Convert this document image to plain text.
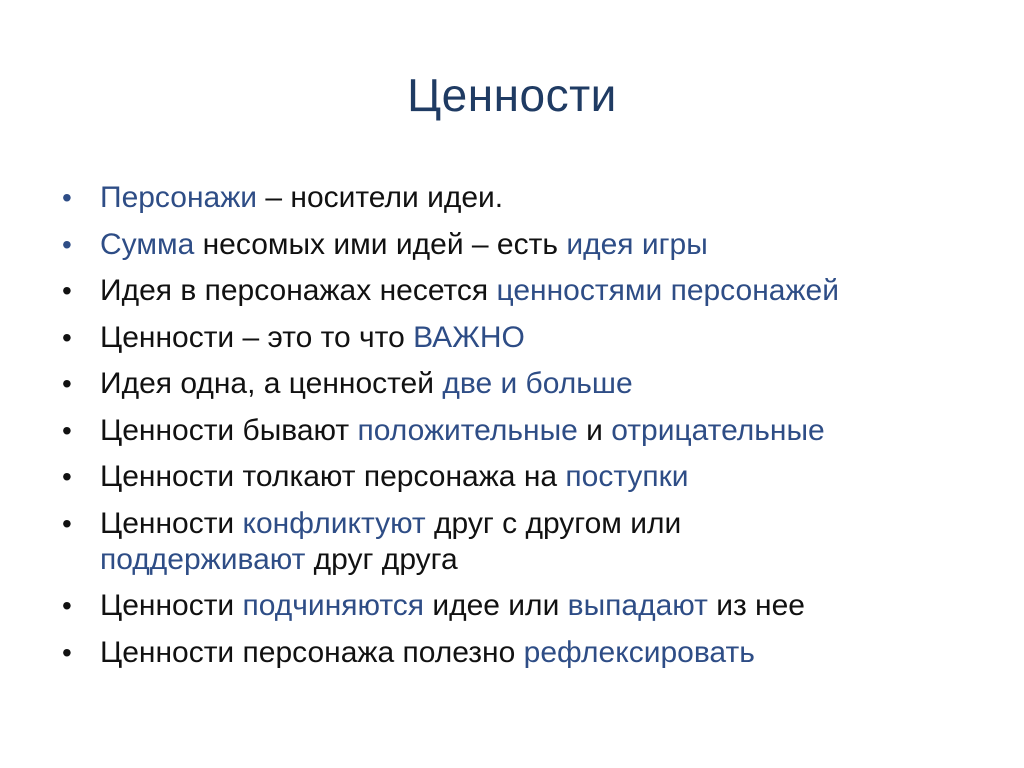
Ценности
• Персонажи – носители идеи.
• Сумма несомых ими идей – есть идея игры
• Идея в персонажах несется ценностями персонажей
• Ценности – это то что ВАЖНО
• Идея одна, а ценностей две и больше
• Ценности бывают положительные и отрицательные
• Ценности толкают персонажа на поступки
• Ценности конфликтуют друг с другом или
поддерживают друг друга
• Ценности подчиняются идее или выпадают из нее
• Ценности персонажа полезно рефлексировать
